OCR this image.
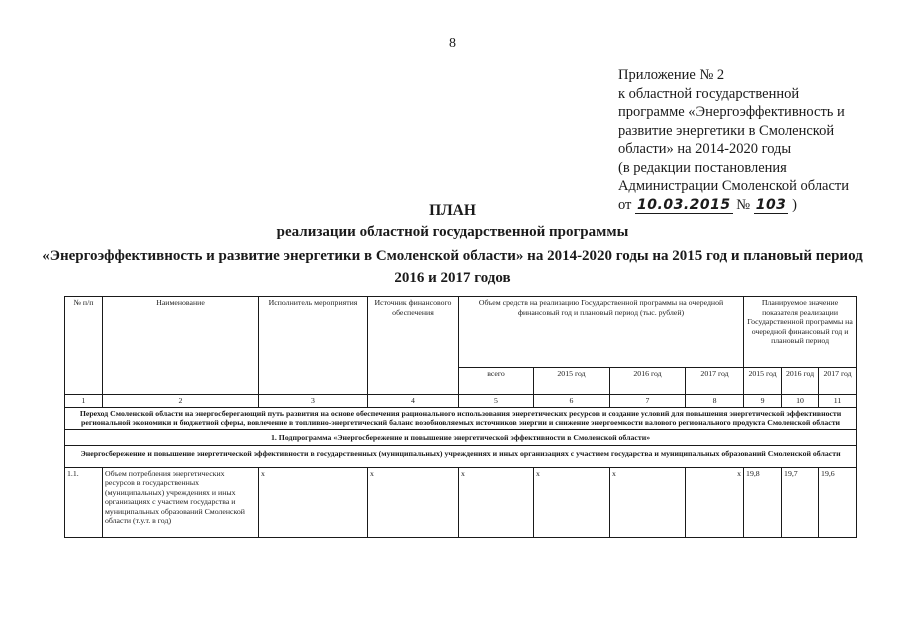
8
Приложение № 2
к областной государственной
программе «Энергоэффективность и
развитие энергетики в Смоленской
области» на 2014-2020 годы
(в редакции постановления
Администрации Смоленской области
от 10.03.2015 № 103 )
ПЛАН
реализации областной государственной программы
«Энергоэффективность и развитие энергетики в Смоленской области» на 2014-2020 годы на 2015 год и плановый период 2016 и 2017 годов
№ п/п	Наименование	Исполнитель мероприятия	Источник финансового обеспечения	Объем средств на реализацию Государственной программы на очередной финансовый год и плановый период (тыс. рублей)				Планируемое значение показателя реализации Государственной программы на очередной финансовый год и плановый период		
				всего	2015 год	2016 год	2017 год	2015 год	2016 год	2017 год
1	2	3	4	5	6	7	8	9	10	11
Переход Смоленской области на энергосберегающий путь развития на основе обеспечения рационального использования энергетических ресурсов и создание условий для повышения энергетической эффективности региональной экономики и бюджетной сферы, вовлечение в топливно-энергетический баланс возобновляемых источников энергии и снижение энергоемкости валового регионального продукта Смоленской области										
1. Подпрограмма «Энергосбережение и повышение энергетической эффективности в Смоленской области»										
Энергосбережение и повышение энергетической эффективности в государственных (муниципальных) учреждениях и иных организациях с участием государства и муниципальных образований Смоленской области										
1.1.	Объем потребления энергетических ресурсов в государственных (муниципальных) учреждениях и иных организациях с участием государства и муниципальных образований Смоленской области (т.у.т. в год)	х	х	х	х	х	х	19,8	19,7	19,6
